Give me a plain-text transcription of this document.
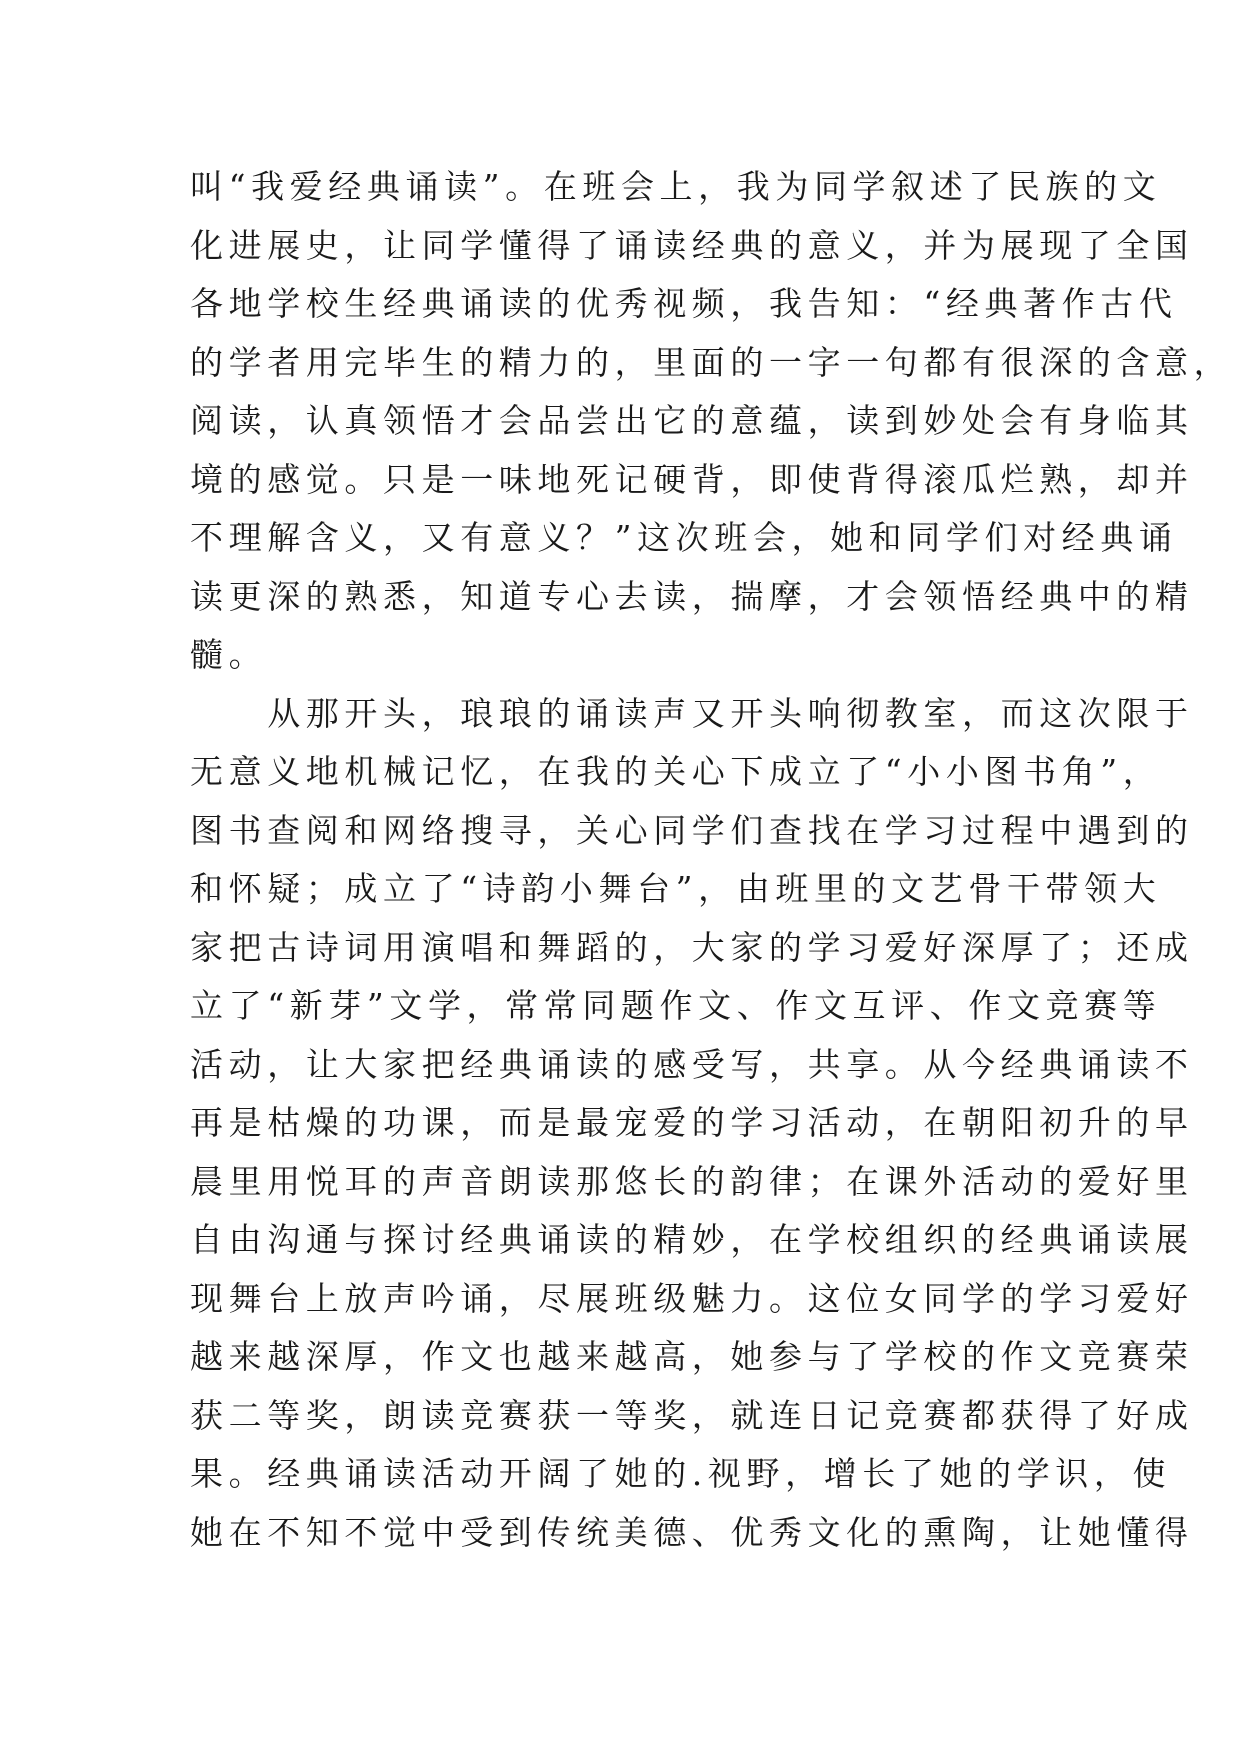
叫“我爱经典诵读”。在班会上，我为同学叙述了民族的文
化进展史，让同学懂得了诵读经典的意义，并为展现了全国
各地学校生经典诵读的优秀视频，我告知：“经典著作古代
的学者用完毕生的精力的，里面的一字一句都有很深的含意，
阅读，认真领悟才会品尝出它的意蕴，读到妙处会有身临其
境的感觉。只是一味地死记硬背，即使背得滚瓜烂熟，却并
不理解含义，又有意义？”这次班会，她和同学们对经典诵
读更深的熟悉，知道专心去读，揣摩，才会领悟经典中的精
髓。
　　从那开头，琅琅的诵读声又开头响彻教室，而这次限于
无意义地机械记忆，在我的关心下成立了“小小图书角”，
图书查阅和网络搜寻，关心同学们查找在学习过程中遇到的
和怀疑；成立了“诗韵小舞台”，由班里的文艺骨干带领大
家把古诗词用演唱和舞蹈的，大家的学习爱好深厚了；还成
立了“新芽”文学，常常同题作文、作文互评、作文竞赛等
活动，让大家把经典诵读的感受写，共享。从今经典诵读不
再是枯燥的功课，而是最宠爱的学习活动，在朝阳初升的早
晨里用悦耳的声音朗读那悠长的韵律；在课外活动的爱好里
自由沟通与探讨经典诵读的精妙，在学校组织的经典诵读展
现舞台上放声吟诵，尽展班级魅力。这位女同学的学习爱好
越来越深厚，作文也越来越高，她参与了学校的作文竞赛荣
获二等奖，朗读竞赛获一等奖，就连日记竞赛都获得了好成
果。经典诵读活动开阔了她的.视野，增长了她的学识，使
她在不知不觉中受到传统美德、优秀文化的熏陶，让她懂得
